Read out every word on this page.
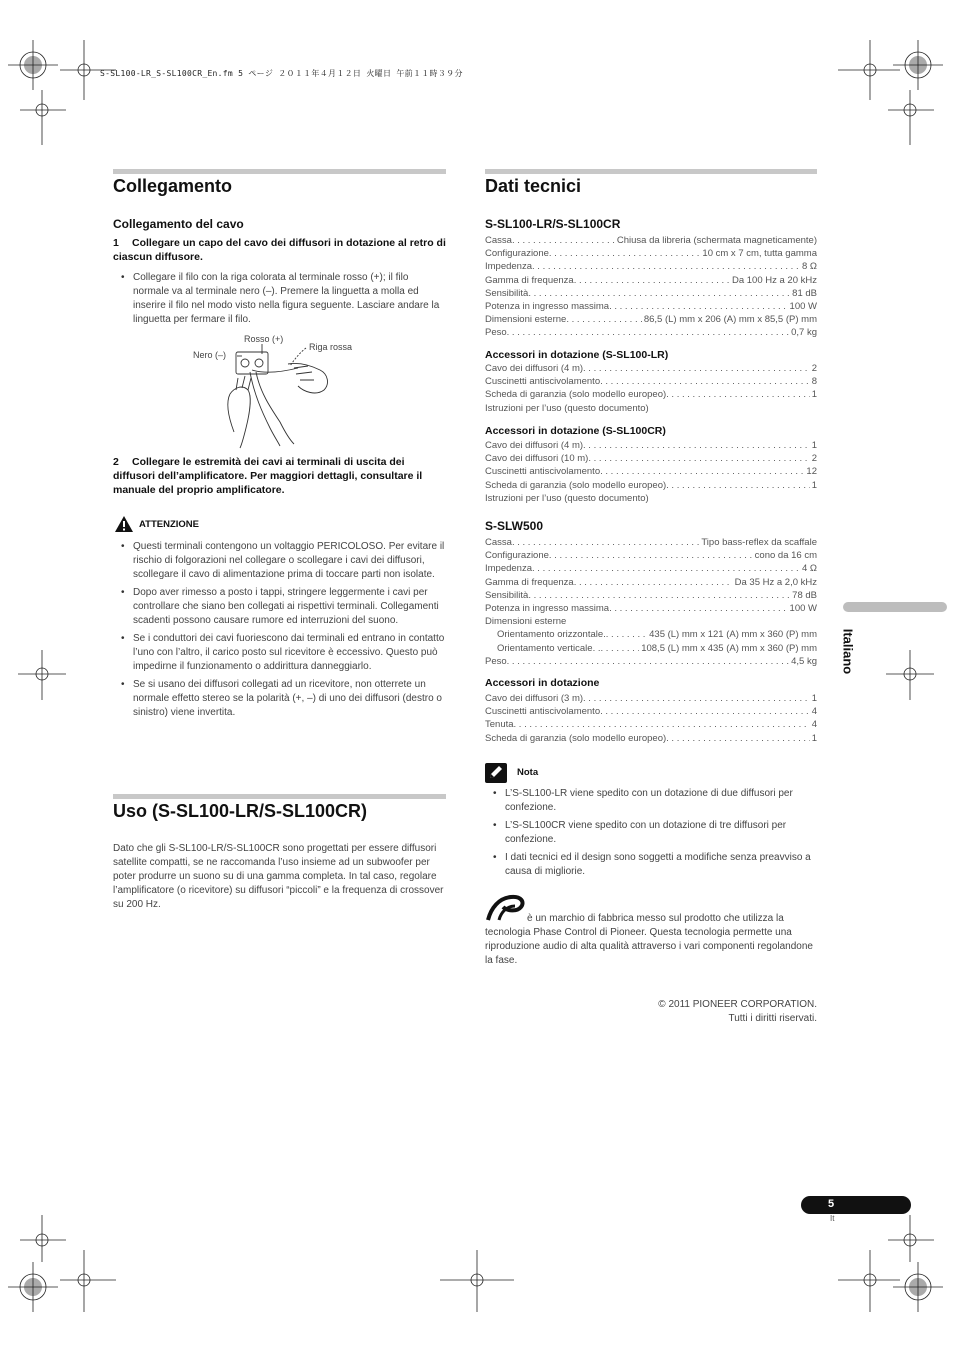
S-SL100-LR_S-SL100CR_En.fm 5 ページ ２０１１年４月１２日 火曜日 午前１１時３９分
Collegamento
Collegamento del cavo
1 Collegare un capo del cavo dei diffusori in dotazione al retro di ciascun diffusore.
• Collegare il filo con la riga colorata al terminale rosso (+); il filo normale va al terminale nero (–). Premere la linguetta a molla ed inserire il filo nel modo visto nella figura seguente. Lasciare andare la linguetta per fermare il filo.
Rosso (+)
Nero (–)
Riga rossa
2 Collegare le estremità dei cavi ai terminali di uscita dei diffusori dell’amplificatore. Per maggiori dettagli, consultare il manuale del proprio amplificatore.
ATTENZIONE
• Questi terminali contengono un voltaggio PERICOLOSO. Per evitare il rischio di folgorazioni nel collegare o scollegare i cavi dei diffusori, scollegare il cavo di alimentazione prima di toccare parti non isolate.
• Dopo aver rimesso a posto i tappi, stringere leggermente i cavi per controllare che siano ben collegati ai rispettivi terminali. Collegamenti scadenti possono causare rumore ed interruzioni del suono.
• Se i conduttori dei cavi fuoriescono dai terminali ed entrano in contatto l’uno con l’altro, il carico posto sul ricevitore è eccessivo. Questo può impedirne il funzionamento o addirittura danneggiarlo.
• Se si usano dei diffusori collegati ad un ricevitore, non otterrete un normale effetto stereo se la polarità (+, –) di uno dei diffusori (destro o sinistro) viene invertita.
Uso (S-SL100-LR/S-SL100CR)
Dato che gli S-SL100-LR/S-SL100CR sono progettati per essere diffusori satellite compatti, se ne raccomanda l’uso insieme ad un subwoofer per poter produrre un suono su di una gamma completa. In tal caso, regolare l’amplificatore (o ricevitore) su diffusori “piccoli” e la frequenza di crossover su 200 Hz.
Dati tecnici
S-SL100-LR/S-SL100CR
Cassa . . .	Chiusa da libreria (schermata magneticamente)
Configurazione . . .	10 cm x 7 cm, tutta gamma
Impedenza . . .	8 Ω
Gamma di frequenza . . .	Da 100 Hz a 20 kHz
Sensibilità . . .	81 dB
Potenza in ingresso massima . . .	100 W
Dimensioni esterne . . .	86,5 (L) mm x 206 (A) mm x 85,5 (P) mm
Peso . . .	0,7 kg
Accessori in dotazione (S-SL100-LR)
Cavo dei diffusori (4 m) . . .	2
Cuscinetti antiscivolamento . . .	8
Scheda di garanzia (solo modello europeo) . . .	1
Istruzioni per l’uso (questo documento)
Accessori in dotazione (S-SL100CR)
Cavo dei diffusori (4 m) . . .	1
Cavo dei diffusori (10 m) . . .	2
Cuscinetti antiscivolamento . . .	12
Scheda di garanzia (solo modello europeo) . . .	1
Istruzioni per l’uso (questo documento)
S-SLW500
Cassa . . .	Tipo bass-reflex da scaffale
Configurazione . . .	cono da 16 cm
Impedenza . . .	4 Ω
Gamma di frequenza . . .	Da 35 Hz a 2,0 kHz
Sensibilità . . .	78 dB
Potenza in ingresso massima . . .	100 W
Dimensioni esterne
Orientamento orizzontale. . . .	435 (L) mm x 121 (A) mm x 360 (P) mm
Orientamento verticale. . . . .	108,5 (L) mm x 435 (A) mm x 360 (P) mm
Peso . . .	4,5 kg
Accessori in dotazione
Cavo dei diffusori (3 m) . . .	1
Cuscinetti antiscivolamento . . .	4
Tenuta . . .	4
Scheda di garanzia (solo modello europeo) . . .	1
Nota
• L’S-SL100-LR viene spedito con un dotazione di due diffusori per confezione.
• L’S-SL100CR viene spedito con un dotazione di tre diffusori per confezione.
• I dati tecnici ed il design sono soggetti a modifiche senza preavviso a causa di migliorie.
è un marchio di fabbrica messo sul prodotto che utilizza la tecnologia Phase Control di Pioneer. Questa tecnologia permette una riproduzione audio di alta qualità attraverso i vari componenti regolandone la fase.
© 2011 PIONEER CORPORATION.
Tutti i diritti riservati.
Italiano
5
It
